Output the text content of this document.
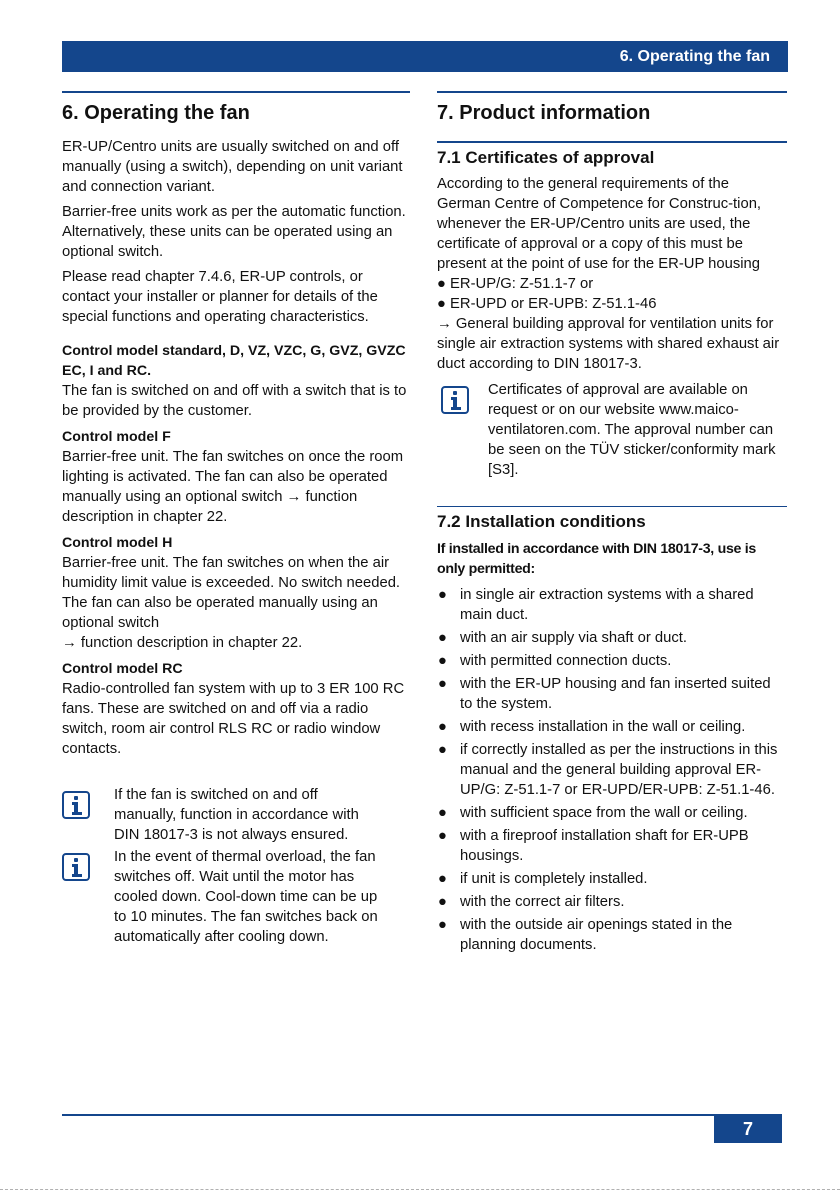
6. Operating the fan
6. Operating the fan

ER-UP/Centro units are usually switched on and off manually (using a switch), depending on unit variant and connection variant.

Barrier-free units work as per the automatic function. Alternatively, these units can be operated using an optional switch.

Please read chapter 7.4.6, ER-UP controls, or contact your installer or planner for details of the special functions and operating characteristics.

Control model standard, D, VZ, VZC, G, GVZ, GVZC EC, I and RC.

The fan is switched on and off with a switch that is to be provided by the customer.

Control model F

Barrier-free unit. The fan switches on once the room lighting is activated. The fan can also be operated manually using an optional switch → function description in chapter 22.

Control model H

Barrier-free unit. The fan switches on when the air humidity limit value is exceeded. No switch needed. The fan can also be operated manually using an optional switch

→ function description in chapter 22.

Control model RC

Radio-controlled fan system with up to 3 ER 100 RC fans. These are switched on and off via a radio switch, room air control RLS RC or radio window contacts.

If the fan is switched on and off manually, function in accordance with DIN 18017-3 is not always ensured.
In the event of thermal overload, the fan switches off. Wait until the motor has cooled down. Cool-down time can be up to 10 minutes. The fan switches back on automatically after cooling down.
7. Product information
7.1 Certificates of approval

According to the general requirements of the German Centre of Competence for Construc-tion, whenever the ER-UP/Centro units are used, the certificate of approval or a copy of this must be present at the point of use for the ER-UP housing

● ER-UP/G: Z-51.1-7 or

● ER-UPD or ER-UPB: Z-51.1-46

→ General building approval for ventilation units for single air extraction systems with shared exhaust air duct according to DIN 18017-3.

Certificates of approval are available on request or on our website www.maico-ventilatoren.com. The approval number can be seen on the TÜV sticker/conformity mark [S3].
7.2 Installation conditions
If installed in accordance with DIN 18017-3, use is only permitted:
● in single air extraction systems with a shared main duct.
● with an air supply via shaft or duct.
● with permitted connection ducts.
● with the ER-UP housing and fan inserted suited to the system.
● with recess installation in the wall or ceiling.
● if correctly installed as per the instructions in this manual and the general building approval ER-UP/G: Z-51.1-7 or ER-UPD/ER-UPB: Z-51.1-46.
● with sufficient space from the wall or ceiling.
● with a fireproof installation shaft for ER-UPB housings.
● if unit is completely installed.
● with the correct air filters.
● with the outside air openings stated in the planning documents.
7
